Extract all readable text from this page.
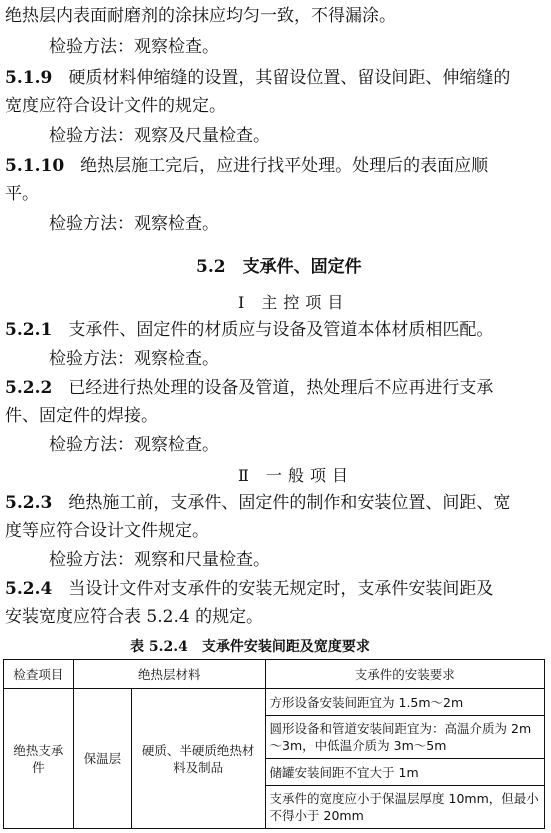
绝热层内表面耐磨剂的涂抹应均匀一致，不得漏涂。
检验方法：观察检查。
5.1.9 硬质材料伸缩缝的设置，其留设位置、留设间距、伸缩缝的
宽度应符合设计文件的规定。
检验方法：观察及尺量检查。
5.1.10 绝热层施工完后，应进行找平处理。处理后的表面应顺
平。
检验方法：观察检查。
5.2　支承件、固定件
Ⅰ 主控项目
5.2.1 支承件、固定件的材质应与设备及管道本体材质相匹配。
检验方法：观察检查。
5.2.2 已经进行热处理的设备及管道，热处理后不应再进行支承
件、固定件的焊接。
检验方法：观察检查。
Ⅱ 一般项目
5.2.3 绝热施工前，支承件、固定件的制作和安装位置、间距、宽
度等应符合设计文件规定。
检验方法：观察和尺量检查。
5.2.4 当设计文件对支承件的安装无规定时，支承件安装间距及
安装宽度应符合表 5.2.4 的规定。
表 5.2.4　支承件安装间距及宽度要求
检查项目	绝热层材料		支承件的安装要求
绝热支承件	保温层	硬质、半硬质绝热材料及制品	方形设备安装间距宜为 1.5m～2m
			圆形设备和管道安装间距宜为：高温介质为 2m～3m，中低温介质为 3m～5m
			储罐安装间距不宜大于 1m
			支承件的宽度应小于保温层厚度 10mm，但最小不得小于 20mm
